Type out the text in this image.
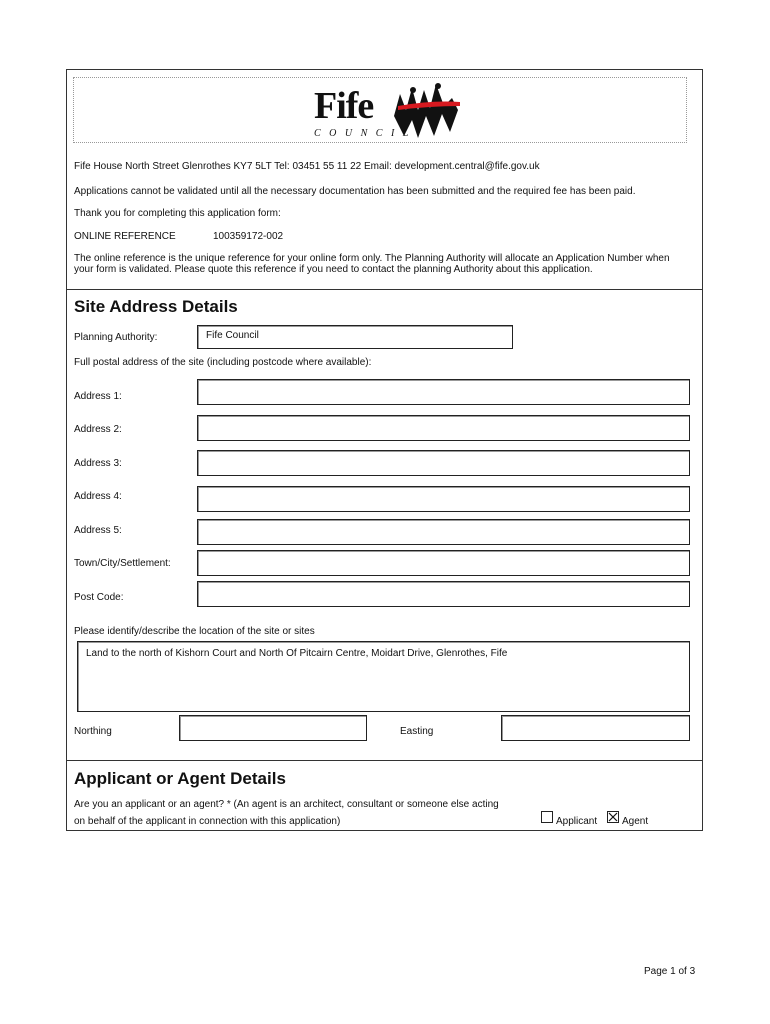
Fife
C O U N C I L
Fife House North Street Glenrothes KY7 5LT Tel: 03451 55 11 22 Email: development.central@fife.gov.uk
Applications cannot be validated until all the necessary documentation has been submitted and the required fee has been paid.
Thank you for completing this application form:
ONLINE REFERENCE	100359172-002
The online reference is the unique reference for your online form only. The Planning Authority will allocate an Application Number when
your form is validated. Please quote this reference if you need to contact the planning Authority about this application.
Site Address Details
Planning Authority:	Fife Council
Full postal address of the site (including postcode where available):
Address 1:
Address 2:
Address 3:
Address 4:
Address 5:
Town/City/Settlement:
Post Code:
Please identify/describe the location of the site or sites
Land to the north of Kishorn Court and North Of Pitcairn Centre, Moidart Drive, Glenrothes, Fife
Northing	Easting
Applicant or Agent Details
Are you an applicant or an agent? * (An agent is an architect, consultant or someone else acting
on behalf of the applicant in connection with this application)	Applicant Agent
Page 1 of 3
